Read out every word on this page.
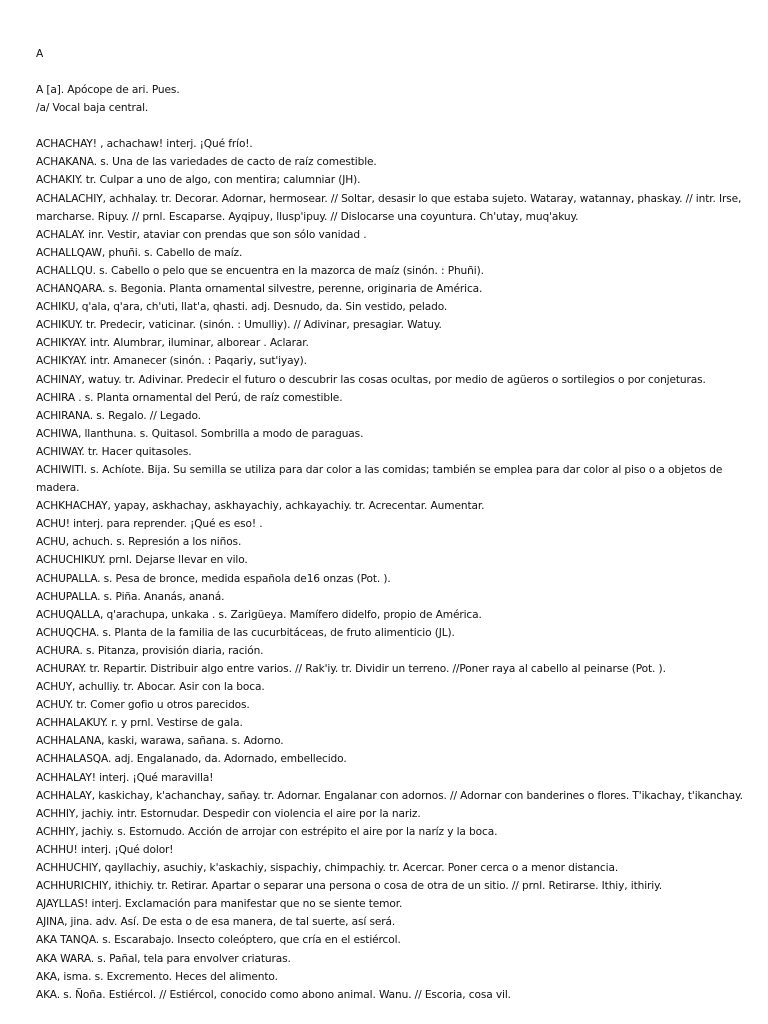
A
A [a]. Apócope de ari. Pues.
/a/ Vocal baja central.
ACHACHAY! , achachaw! interj. ¡Qué frío!.
ACHAKANA. s. Una de las variedades de cacto de raíz comestible.
ACHAKIY. tr. Culpar a uno de algo, con mentira; calumniar (JH).
ACHALACHIY, achhalay. tr. Decorar. Adornar, hermosear. // Soltar, desasir lo que estaba sujeto. Wataray, watannay, phaskay. // intr. Irse, marcharse. Ripuy. // prnl. Escaparse. Ayqipuy, llusp'ipuy. // Dislocarse una coyuntura. Ch'utay, muq'akuy.
ACHALAY. inr. Vestir, ataviar con prendas que son sólo vanidad .
ACHALLQAW, phuñi. s. Cabello de maíz.
ACHALLQU. s. Cabello o pelo que se encuentra en la mazorca de maíz (sinón. : Phuñi).
ACHANQARA. s. Begonia. Planta ornamental silvestre, perenne, originaria de América.
ACHIKU, q'ala, q'ara, ch'uti, llat'a, qhasti. adj. Desnudo, da. Sin vestido, pelado.
ACHIKUY. tr. Predecir, vaticinar. (sinón. : Umulliy). // Adivinar, presagiar. Watuy.
ACHIKYAY. intr. Alumbrar, iluminar, alborear . Aclarar.
ACHIKYAY. intr. Amanecer (sinón. : Paqariy, sut'iyay).
ACHINAY, watuy. tr. Adivinar. Predecir el futuro o descubrir las cosas ocultas, por medio de agüeros o sortilegios o por conjeturas.
ACHIRA . s. Planta ornamental del Perú, de raíz comestible.
ACHIRANA. s. Regalo. // Legado.
ACHIWA, llanthuna. s. Quitasol. Sombrilla a modo de paraguas.
ACHIWAY. tr. Hacer quitasoles.
ACHIWITI. s. Achíote. Bija. Su semilla se utiliza para dar color a las comidas; también se emplea para dar color al piso o a objetos de madera.
ACHKHACHAY, yapay, askhachay, askhayachiy, achkayachiy. tr. Acrecentar. Aumentar.
ACHU! interj. para reprender. ¡Qué es eso! .
ACHU, achuch. s. Represión a los niños.
ACHUCHIKUY. prnl. Dejarse llevar en vilo.
ACHUPALLA. s. Pesa de bronce, medida española de16 onzas (Pot. ).
ACHUPALLA. s. Piña. Ananás, ananá.
ACHUQALLA, q'arachupa, unkaka . s. Zarigüeya. Mamífero didelfo, propio de América.
ACHUQCHA. s. Planta de la familia de las cucurbitáceas, de fruto alimenticio (JL).
ACHURA. s. Pitanza, provisión diaria, ración.
ACHURAY. tr. Repartir. Distribuir algo entre varios. // Rak'iy. tr. Dividir un terreno. //Poner raya al cabello al peinarse (Pot. ).
ACHUY, achulliy. tr. Abocar. Asir con la boca.
ACHUY. tr. Comer gofio u otros parecidos.
ACHHALAKUY. r. y prnl. Vestirse de gala.
ACHHALANA, kaski, warawa, sañana. s. Adorno.
ACHHALASQA. adj. Engalanado, da. Adornado, embellecido.
ACHHALAY! interj. ¡Qué maravilla!
ACHHALAY, kaskichay, k'achanchay, sañay. tr. Adornar. Engalanar con adornos. // Adornar con banderines o flores. T'ikachay, t'ikanchay.
ACHHIY, jachiy. intr. Estornudar. Despedir con violencia el aire por la nariz.
ACHHIY, jachiy. s. Estornudo. Acción de arrojar con estrépito el aire por la naríz y la boca.
ACHHU! interj. ¡Qué dolor!
ACHHUCHIY, qayllachiy, asuchiy, k'askachiy, sispachiy, chimpachiy. tr. Acercar. Poner cerca o a menor distancia.
ACHHURICHIY, ithichiy. tr. Retirar. Apartar o separar una persona o cosa de otra de un sitio. // prnl. Retirarse. Ithiy, ithiriy.
AJAYLLAS! interj. Exclamación para manifestar que no se siente temor.
AJINA, jina. adv. Así. De esta o de esa manera, de tal suerte, así será.
AKA TANQA. s. Escarabajo. Insecto coleóptero, que cría en el estiércol.
AKA WARA. s. Pañal, tela para envolver criaturas.
AKA, isma. s. Excremento. Heces del alimento.
AKA. s. Ñoña. Estiércol. // Estiércol, conocido como abono animal. Wanu. // Escoria, cosa vil.
